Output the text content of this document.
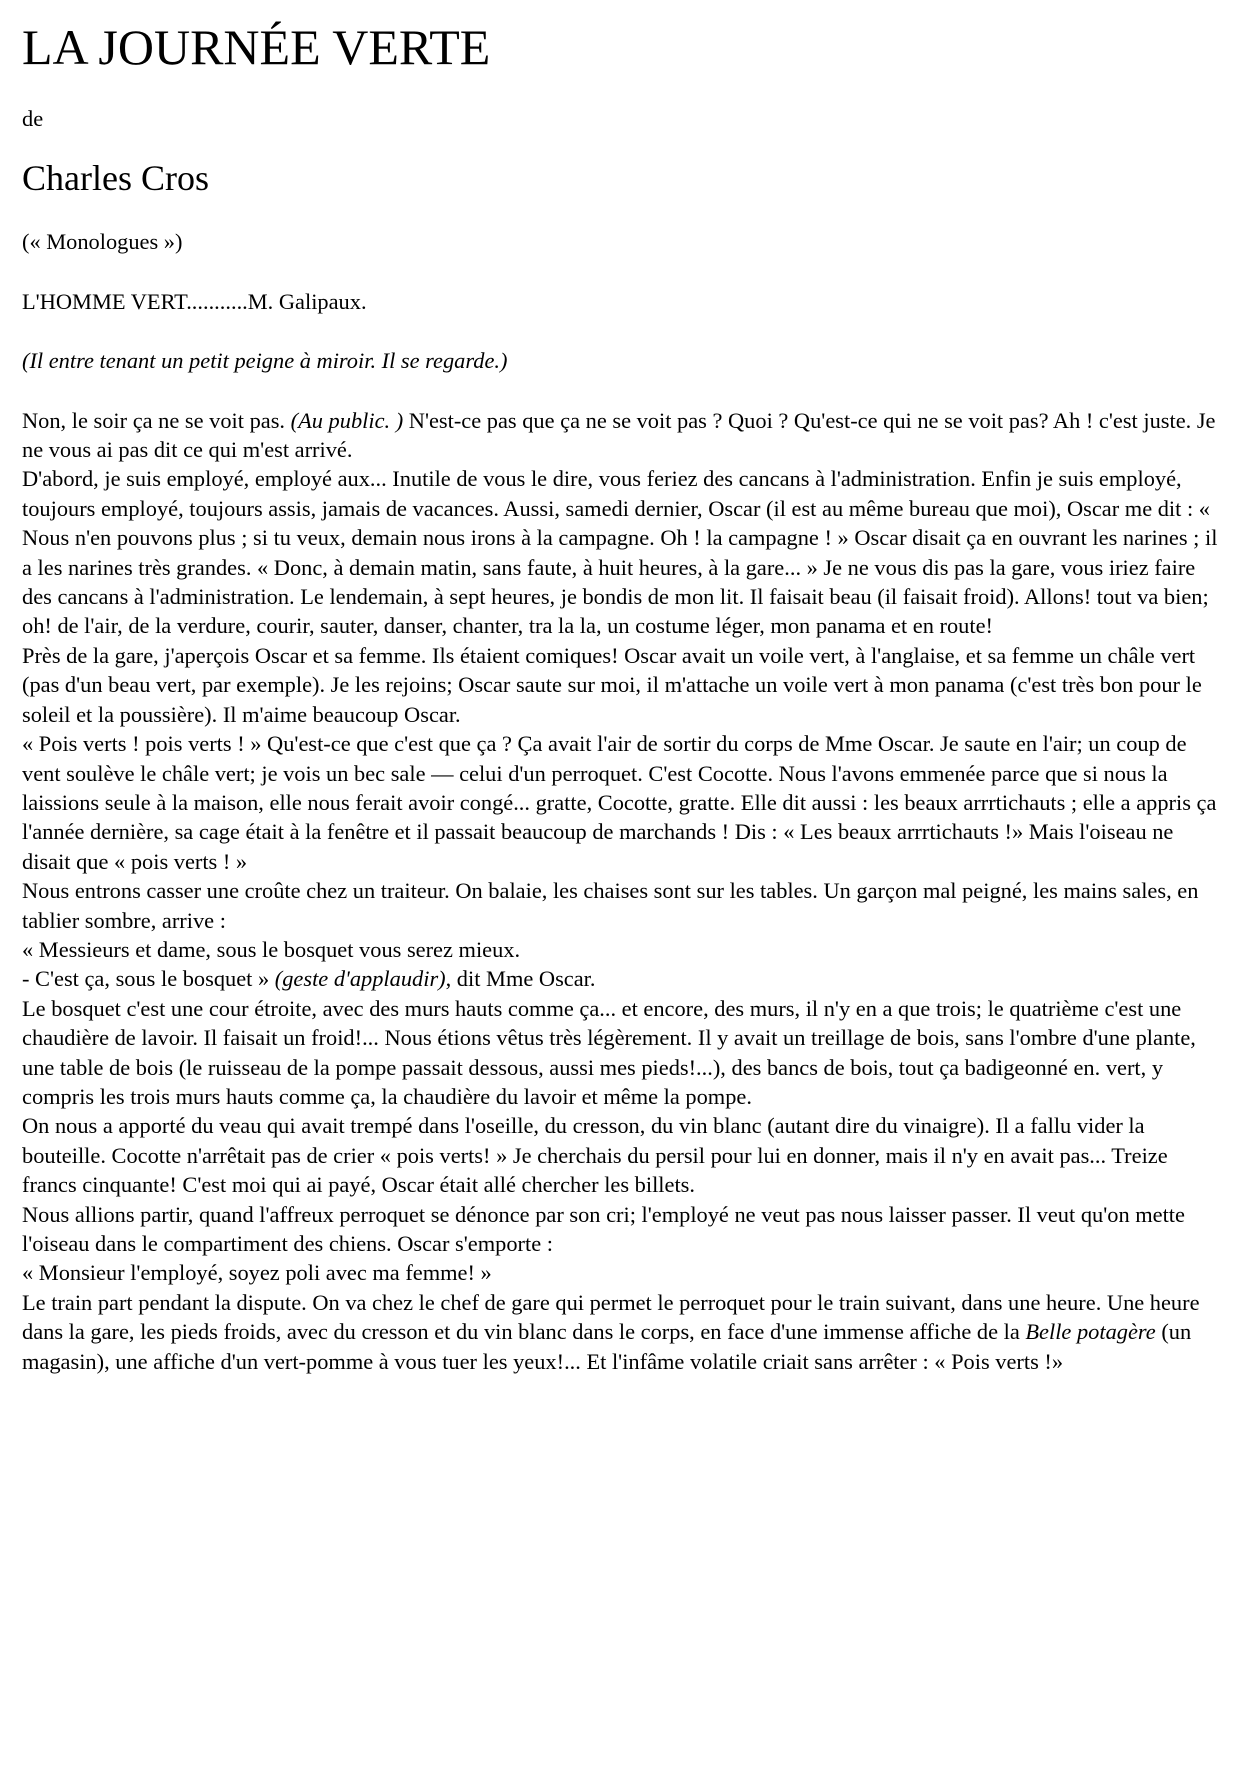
LA JOURNÉE VERTE

de

Charles Cros

(« Monologues »)

L'HOMME VERT...........M. Galipaux.

(Il entre tenant un petit peigne à miroir. Il se regarde.)

Non, le soir ça ne se voit pas. (Au public. ) N'est-ce pas que ça ne se voit pas ? Quoi ? Qu'est-ce qui ne se voit pas? Ah ! c'est juste. Je ne vous ai pas dit ce qui m'est arrivé.

D'abord, je suis employé, employé aux... Inutile de vous le dire, vous feriez des cancans à l'administration. Enfin je suis employé, toujours employé, toujours assis, jamais de vacances. Aussi, samedi dernier, Oscar (il est au même bureau que moi), Oscar me dit : « Nous n'en pouvons plus ; si tu veux, demain nous irons à la campagne. Oh ! la campagne ! » Oscar disait ça en ouvrant les narines ; il a les narines très grandes. « Donc, à demain matin, sans faute, à huit heures, à la gare... » Je ne vous dis pas la gare, vous iriez faire des cancans à l'administration. Le lendemain, à sept heures, je bondis de mon lit. Il faisait beau (il faisait froid). Allons! tout va bien; oh! de l'air, de la verdure, courir, sauter, danser, chanter, tra la la, un costume léger, mon panama et en route!

Près de la gare, j'aperçois Oscar et sa femme. Ils étaient comiques! Oscar avait un voile vert, à l'anglaise, et sa femme un châle vert (pas d'un beau vert, par exemple). Je les rejoins; Oscar saute sur moi, il m'attache un voile vert à mon panama (c'est très bon pour le soleil et la poussière). Il m'aime beaucoup Oscar.

« Pois verts ! pois verts ! » Qu'est-ce que c'est que ça ? Ça avait l'air de sortir du corps de Mme Oscar. Je saute en l'air; un coup de vent soulève le châle vert; je vois un bec sale — celui d'un perroquet. C'est Cocotte. Nous l'avons emmenée parce que si nous la laissions seule à la maison, elle nous ferait avoir congé... gratte, Cocotte, gratte. Elle dit aussi : les beaux arrrtichauts ; elle a appris ça l'année dernière, sa cage était à la fenêtre et il passait beaucoup de marchands ! Dis : « Les beaux arrrtichauts !» Mais l'oiseau ne disait que « pois verts ! »

Nous entrons casser une croûte chez un traiteur. On balaie, les chaises sont sur les tables. Un garçon mal peigné, les mains sales, en tablier sombre, arrive :

« Messieurs et dame, sous le bosquet vous serez mieux.

- C'est ça, sous le bosquet » (geste d'applaudir), dit Mme Oscar.

Le bosquet c'est une cour étroite, avec des murs hauts comme ça... et encore, des murs, il n'y en a que trois; le quatrième c'est une chaudière de lavoir. Il faisait un froid!... Nous étions vêtus très légèrement. Il y avait un treillage de bois, sans l'ombre d'une plante, une table de bois (le ruisseau de la pompe passait dessous, aussi mes pieds!...), des bancs de bois, tout ça badigeonné en. vert, y compris les trois murs hauts comme ça, la chaudière du lavoir et même la pompe.

On nous a apporté du veau qui avait trempé dans l'oseille, du cresson, du vin blanc (autant dire du vinaigre). Il a fallu vider la bouteille. Cocotte n'arrêtait pas de crier « pois verts! » Je cherchais du persil pour lui en donner, mais il n'y en avait pas... Treize francs cinquante! C'est moi qui ai payé, Oscar était allé chercher les billets.

Nous allions partir, quand l'affreux perroquet se dénonce par son cri; l'employé ne veut pas nous laisser passer. Il veut qu'on mette l'oiseau dans le compartiment des chiens. Oscar s'emporte :

« Monsieur l'employé, soyez poli avec ma femme! »

Le train part pendant la dispute. On va chez le chef de gare qui permet le perroquet pour le train suivant, dans une heure. Une heure dans la gare, les pieds froids, avec du cresson et du vin blanc dans le corps, en face d'une immense affiche de la Belle potagère (un magasin), une affiche d'un vert-pomme à vous tuer les yeux!... Et l'infâme volatile criait sans arrêter : « Pois verts !»
